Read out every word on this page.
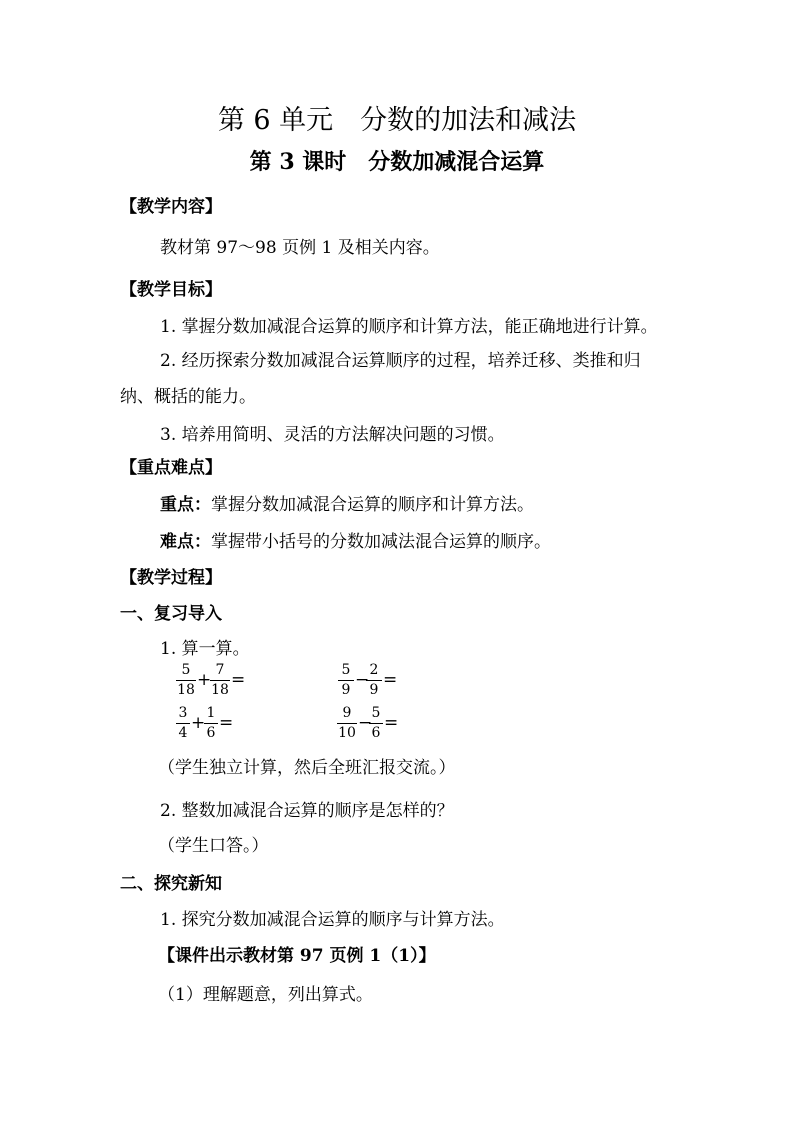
第 6 单元　分数的加法和减法
第 3 课时　分数加减混合运算
【教学内容】
教材第 97～98 页例 1 及相关内容。
【教学目标】
1. 掌握分数加减混合运算的顺序和计算方法，能正确地进行计算。
2. 经历探索分数加减混合运算顺序的过程，培养迁移、类推和归
纳、概括的能力。
3. 培养用简明、灵活的方法解决问题的习惯。
【重点难点】
重点：掌握分数加减混合运算的顺序和计算方法。
难点：掌握带小括号的分数加减法混合运算的顺序。
【教学过程】
一、复习导入
1. 算一算。
5
18 + 7
18 =	5
9 − 2
9 =
3
4 + 1
6 =	9
10 − 5
6 =
（学生独立计算，然后全班汇报交流。）
2. 整数加减混合运算的顺序是怎样的？
（学生口答。）
二、探究新知
1. 探究分数加减混合运算的顺序与计算方法。
【课件出示教材第 97 页例 1（1）】
（1）理解题意，列出算式。
